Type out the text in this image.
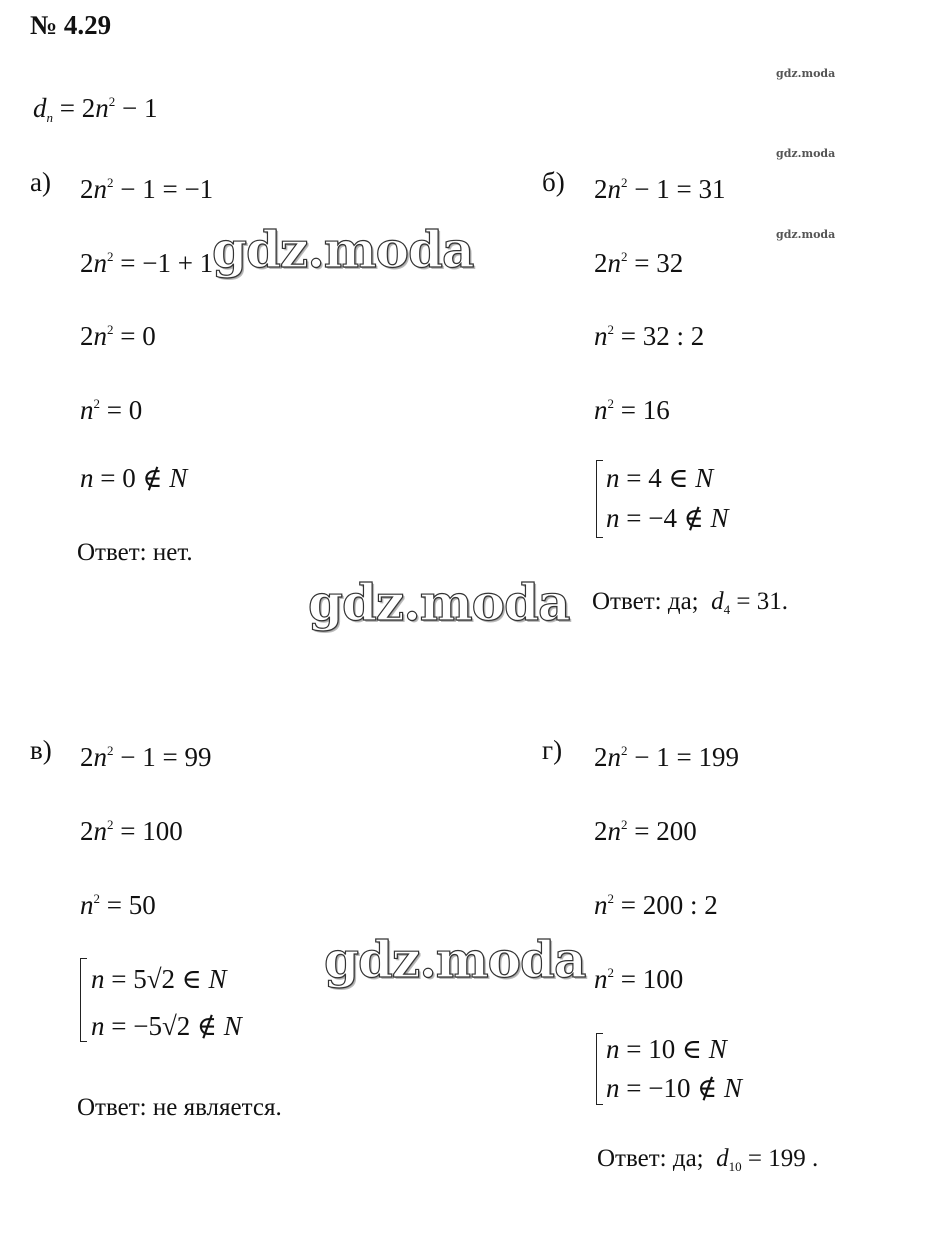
№ 4.29
gdz.moda
gdz.moda
gdz.moda
$d_n = 2n^2 - 1$
а) $2n^2 - 1 = -1$
$2n^2 = -1 + 1$
$2n^2 = 0$
$n^2 = 0$
n = 0 ∉ N
Ответ: нет.
gdz.moda
б) $2n^2 - 1 = 31$
$2n^2 = 32$
$n^2 = 32$ : 2
$n^2 = 16$
n = 4 ∈ N
n = −4 ∉ N
Ответ: да; $d_4 = 31$.
gdz.moda
в) $2n^2 - 1 = 99$
$2n^2 = 100$
$n^2 = 50$
n = 5√2 ∈ N
n = −5√2 ∉ N
Ответ: не является.
gdz.moda
г) $2n^2 - 1 = 199$
$2n^2 = 200$
$n^2 = 200$ : 2
$n^2 = 100$
n = 10 ∈ N
n = −10 ∉ N
Ответ: да; $d_{10} = 199$ .
